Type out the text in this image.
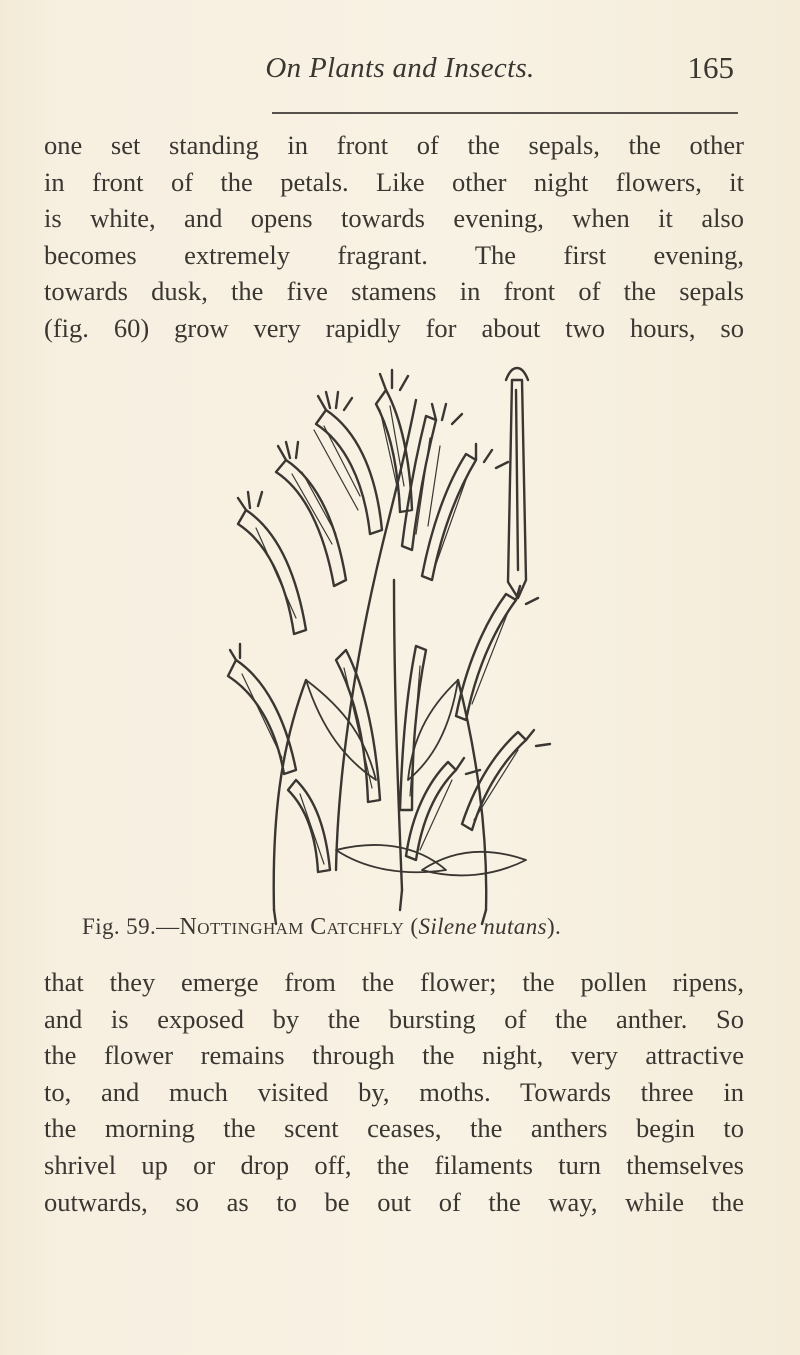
On Plants and Insects.	165
one set standing in front of the sepals, the other
in front of the petals. Like other night flowers, it
is white, and opens towards evening, when it also
becomes extremely fragrant. The first evening,
towards dusk, the five stamens in front of the sepals
(fig. 60) grow very rapidly for about two hours, so
Fig. 59.—Nottingham Catchfly (Silene nutans).
that they emerge from the flower; the pollen ripens,
and is exposed by the bursting of the anther. So
the flower remains through the night, very attractive
to, and much visited by, moths. Towards three in
the morning the scent ceases, the anthers begin to
shrivel up or drop off, the filaments turn themselves
outwards, so as to be out of the way, while the
